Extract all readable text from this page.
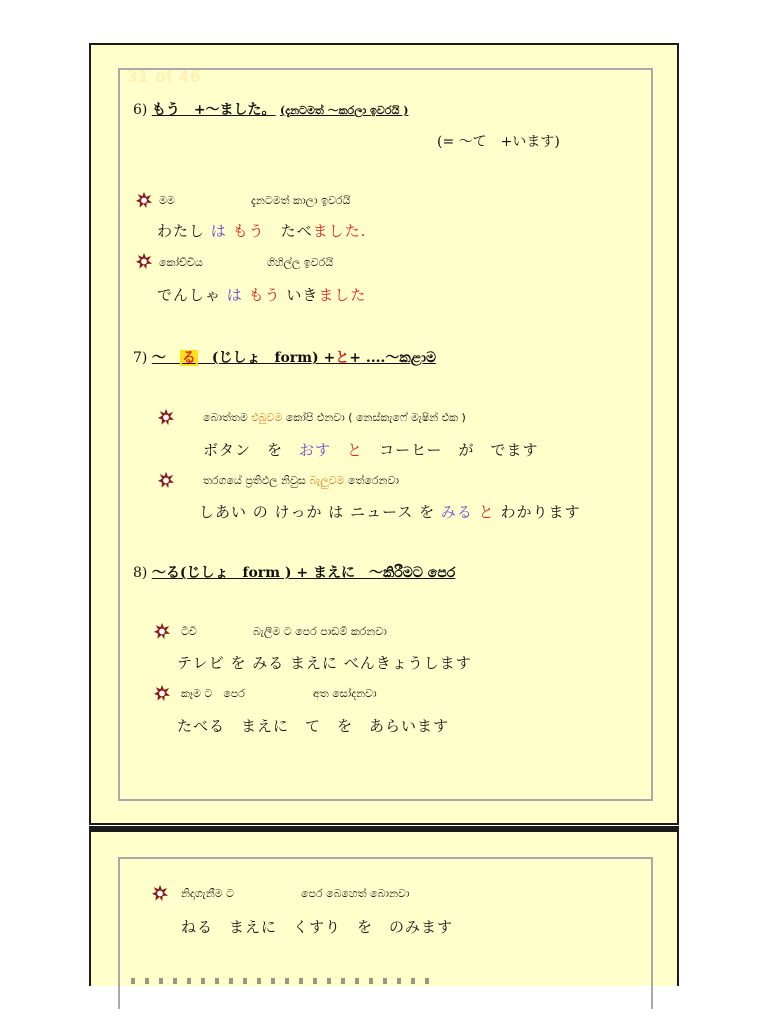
31 of 46
6) もう　+～ました。 (දැනටමත් ～කරලා ඉවරයි )
(= ～て　+います)
මම	දැනටමත් කාලා ඉවරයි
わたし は もう　 たべました.
කෝච්චිය	ගිහිල්ල ඉවරයි
でんしゃ は もう いきました
7) ～　 る　 (じしょ　form) +と+ ....～කළාම
බොත්තම එබුවම කෝපි එනවා ( නෙස්කැෆේ මැෂින් එක )
ボタン　を　おす　 と　コーヒー　が　でます
තරගයේ ප්‍රතිඵල නිවුස බැලුවම තේරෙනවා
しあい の けっか は ニュース を みる と わかります
8) ～る(じしょ　form ) + まえに　～කිරීමට පෙර
ටීවී	බැලීම ට පෙර පාඩම් කරනවා
テレビ を みる まえに べんきょうします
කෑම ට　පෙර	අත සෝදනවා
たべる　まえに　て　を　あらいます
නිදාගැනීම ට	පෙර බෙහෙත් බොනවා
ねる　まえに　くすり　を　のみます
